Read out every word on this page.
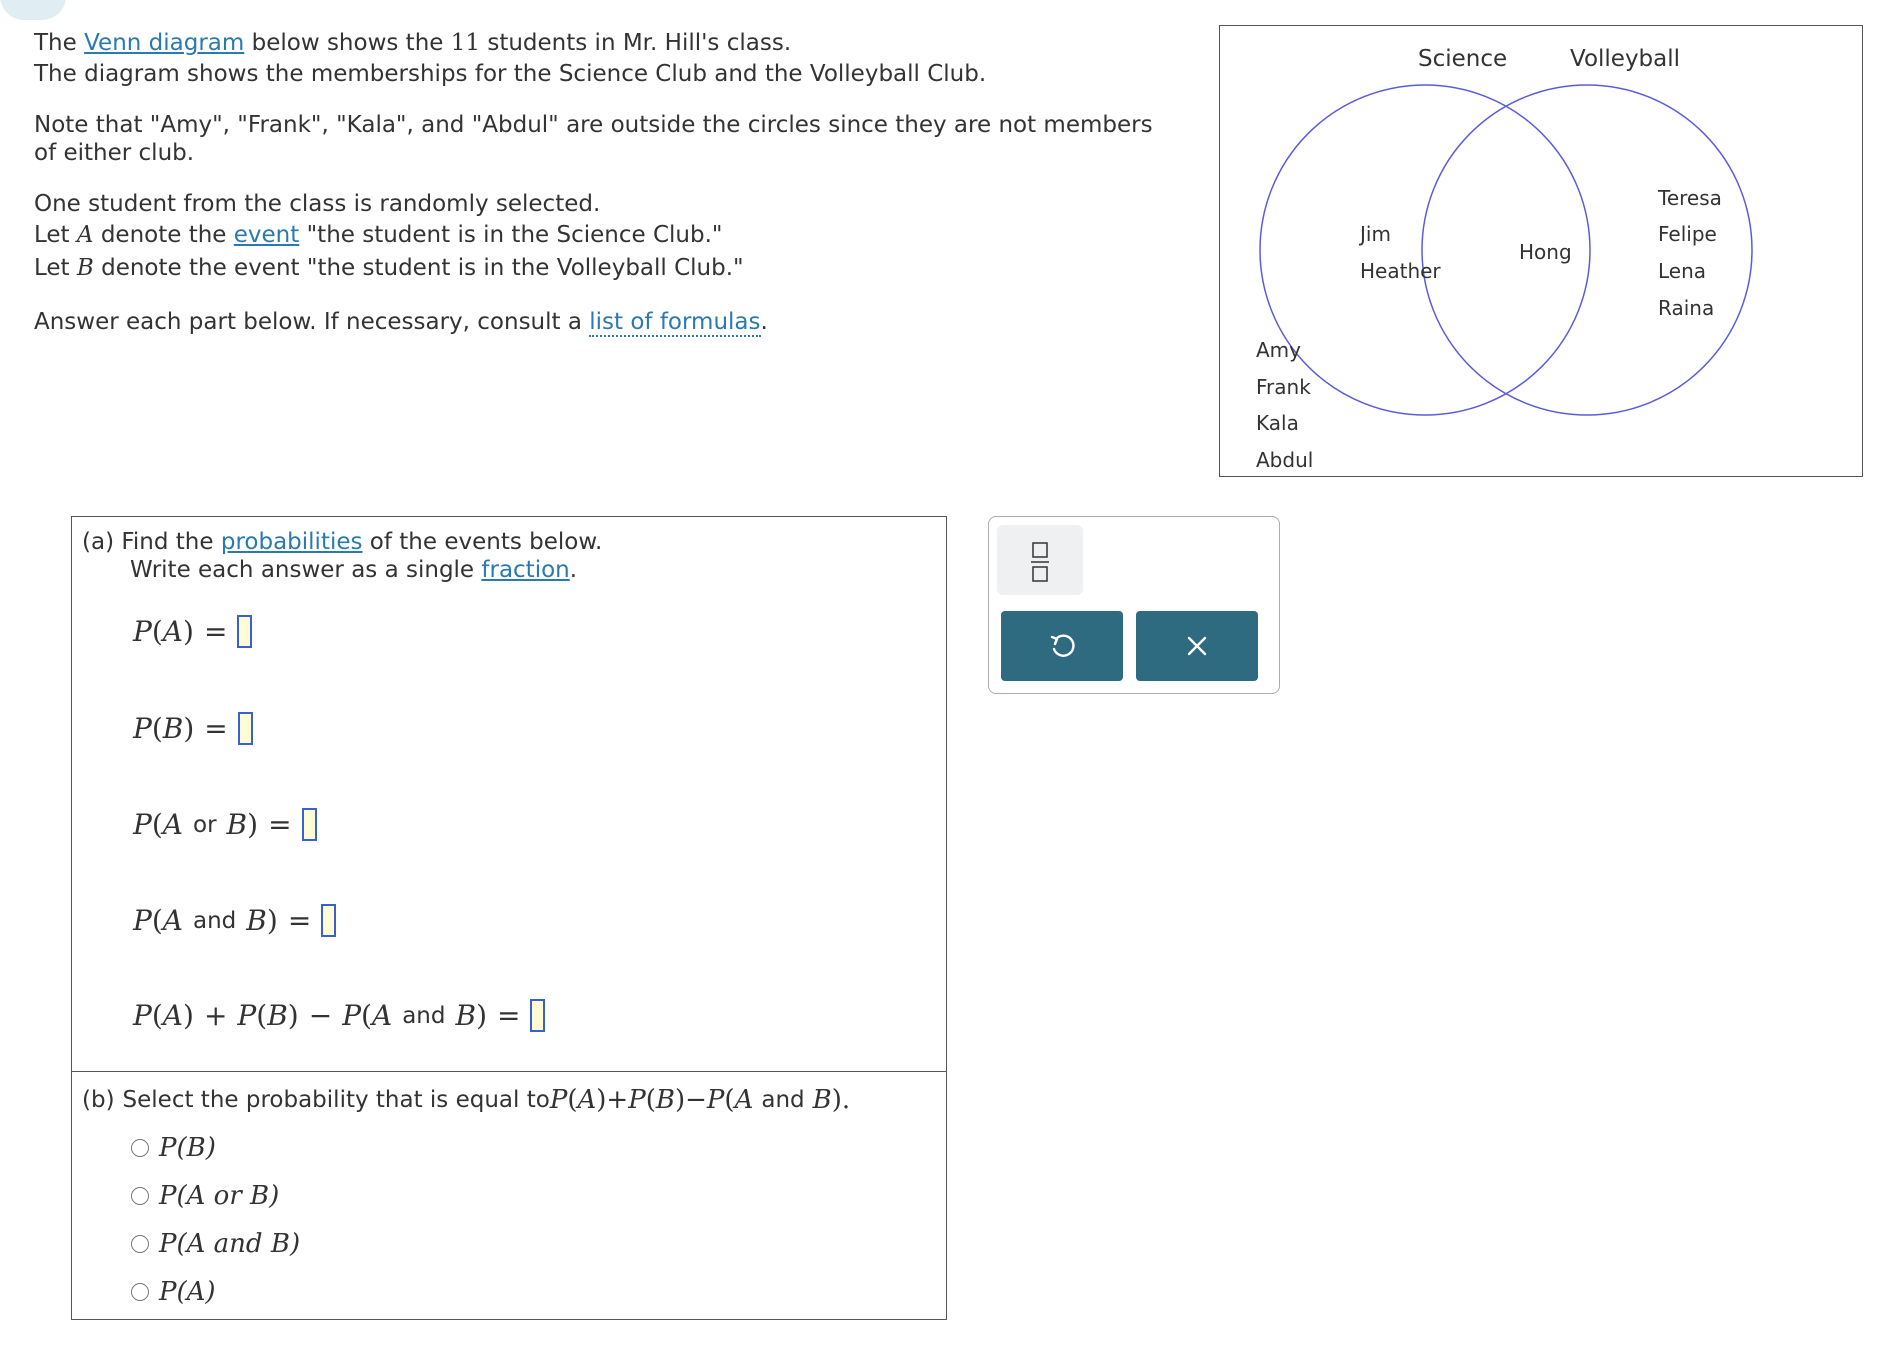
The Venn diagram below shows the 11 students in Mr. Hill's class.
The diagram shows the memberships for the Science Club and the Volleyball Club.
Note that "Amy", "Frank", "Kala", and "Abdul" are outside the circles since they are not members
of either club.
One student from the class is randomly selected.
Let A denote the event "the student is in the Science Club."
Let B denote the event "the student is in the Volleyball Club."
Answer each part below. If necessary, consult a list of formulas.
Science	Volleyball
Jim
Heather
Hong
Teresa
Felipe
Lena
Raina
Amy
Frank
Kala
Abdul
(a) Find the probabilities of the events below.
Write each answer as a single fraction.
P ( A ) =
P ( B ) =
P ( A or B ) =
P ( A and B ) =
P ( A ) + P ( B ) − P ( A and B ) =
(b) Select the probability that is equal to P ( A ) + P ( B ) − P ( A and B ).
P(B)
P(A or B)
P(A and B)
P(A)
